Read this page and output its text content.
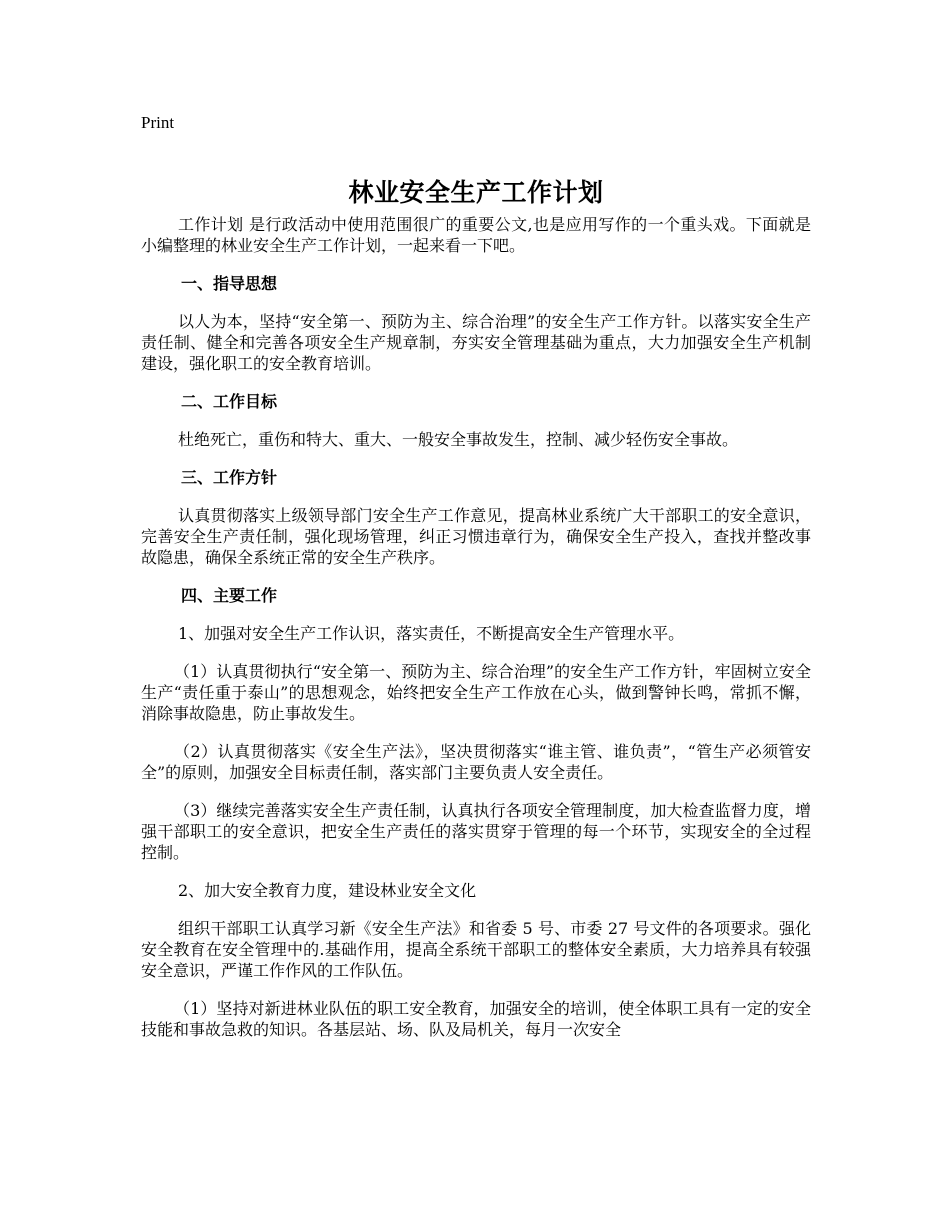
Print
林业安全生产工作计划

工作计划 是行政活动中使用范围很广的重要公文,也是应用写作的一个重头戏。下面就是小编整理的林业安全生产工作计划，一起来看一下吧。

一、指导思想

以人为本，坚持“安全第一、预防为主、综合治理”的安全生产工作方针。以落实安全生产责任制、健全和完善各项安全生产规章制，夯实安全管理基础为重点，大力加强安全生产机制建设，强化职工的安全教育培训。

二、工作目标

杜绝死亡，重伤和特大、重大、一般安全事故发生，控制、减少轻伤安全事故。

三、工作方针

认真贯彻落实上级领导部门安全生产工作意见，提高林业系统广大干部职工的安全意识，完善安全生产责任制，强化现场管理，纠正习惯违章行为，确保安全生产投入，查找并整改事故隐患，确保全系统正常的安全生产秩序。

四、主要工作

1、加强对安全生产工作认识，落实责任，不断提高安全生产管理水平。

（1）认真贯彻执行“安全第一、预防为主、综合治理”的安全生产工作方针，牢固树立安全生产“责任重于泰山”的思想观念，始终把安全生产工作放在心头，做到警钟长鸣，常抓不懈，消除事故隐患，防止事故发生。

（2）认真贯彻落实《安全生产法》，坚决贯彻落实“谁主管、谁负责”，“管生产必须管安全”的原则，加强安全目标责任制，落实部门主要负责人安全责任。

（3）继续完善落实安全生产责任制，认真执行各项安全管理制度，加大检查监督力度，增强干部职工的安全意识，把安全生产责任的落实贯穿于管理的每一个环节，实现安全的全过程控制。

2、加大安全教育力度，建设林业安全文化

组织干部职工认真学习新《安全生产法》和省委 5 号、市委 27 号文件的各项要求。强化安全教育在安全管理中的.基础作用，提高全系统干部职工的整体安全素质，大力培养具有较强安全意识，严谨工作作风的工作队伍。

（1）坚持对新进林业队伍的职工安全教育，加强安全的培训，使全体职工具有一定的安全技能和事故急救的知识。各基层站、场、队及局机关，每月一次安全
